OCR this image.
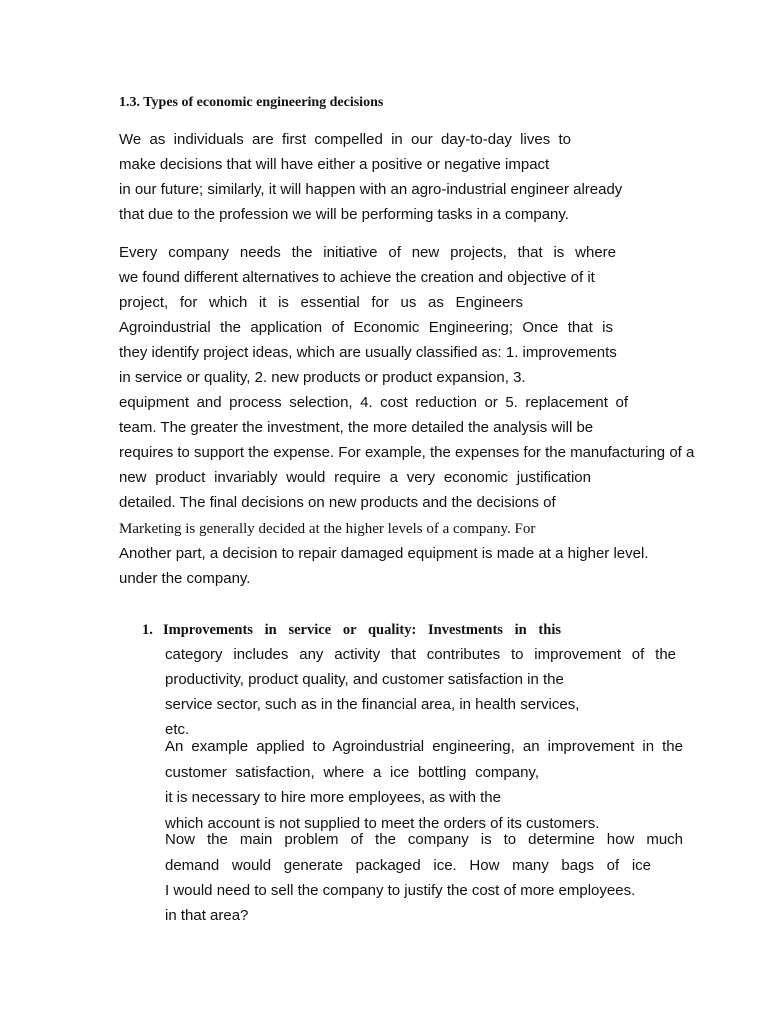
1.3. Types of economic engineering decisions
We as individuals are first compelled in our day-to-day lives to
make decisions that will have either a positive or negative impact
in our future; similarly, it will happen with an agro-industrial engineer already
that due to the profession we will be performing tasks in a company.
Every company needs the initiative of new projects, that is where
we found different alternatives to achieve the creation and objective of it
project, for which it is essential for us as Engineers
Agroindustrial the application of Economic Engineering; Once that is
they identify project ideas, which are usually classified as: 1. improvements
in service or quality, 2. new products or product expansion, 3.
equipment and process selection, 4. cost reduction or 5. replacement of
team. The greater the investment, the more detailed the analysis will be
requires to support the expense. For example, the expenses for the manufacturing of a
new product invariably would require a very economic justification
detailed. The final decisions on new products and the decisions of
Marketing is generally decided at the higher levels of a company. For
Another part, a decision to repair damaged equipment is made at a higher level.
under the company.
1. Improvements in service or quality: Investments in this
category includes any activity that contributes to improvement of the
productivity, product quality, and customer satisfaction in the
service sector, such as in the financial area, in health services,
etc.
An example applied to Agroindustrial engineering, an improvement in the
customer satisfaction, where a ice bottling company,
it is necessary to hire more employees, as with the
which account is not supplied to meet the orders of its customers.
Now the main problem of the company is to determine how much
demand would generate packaged ice. How many bags of ice
I would need to sell the company to justify the cost of more employees.
in that area?
